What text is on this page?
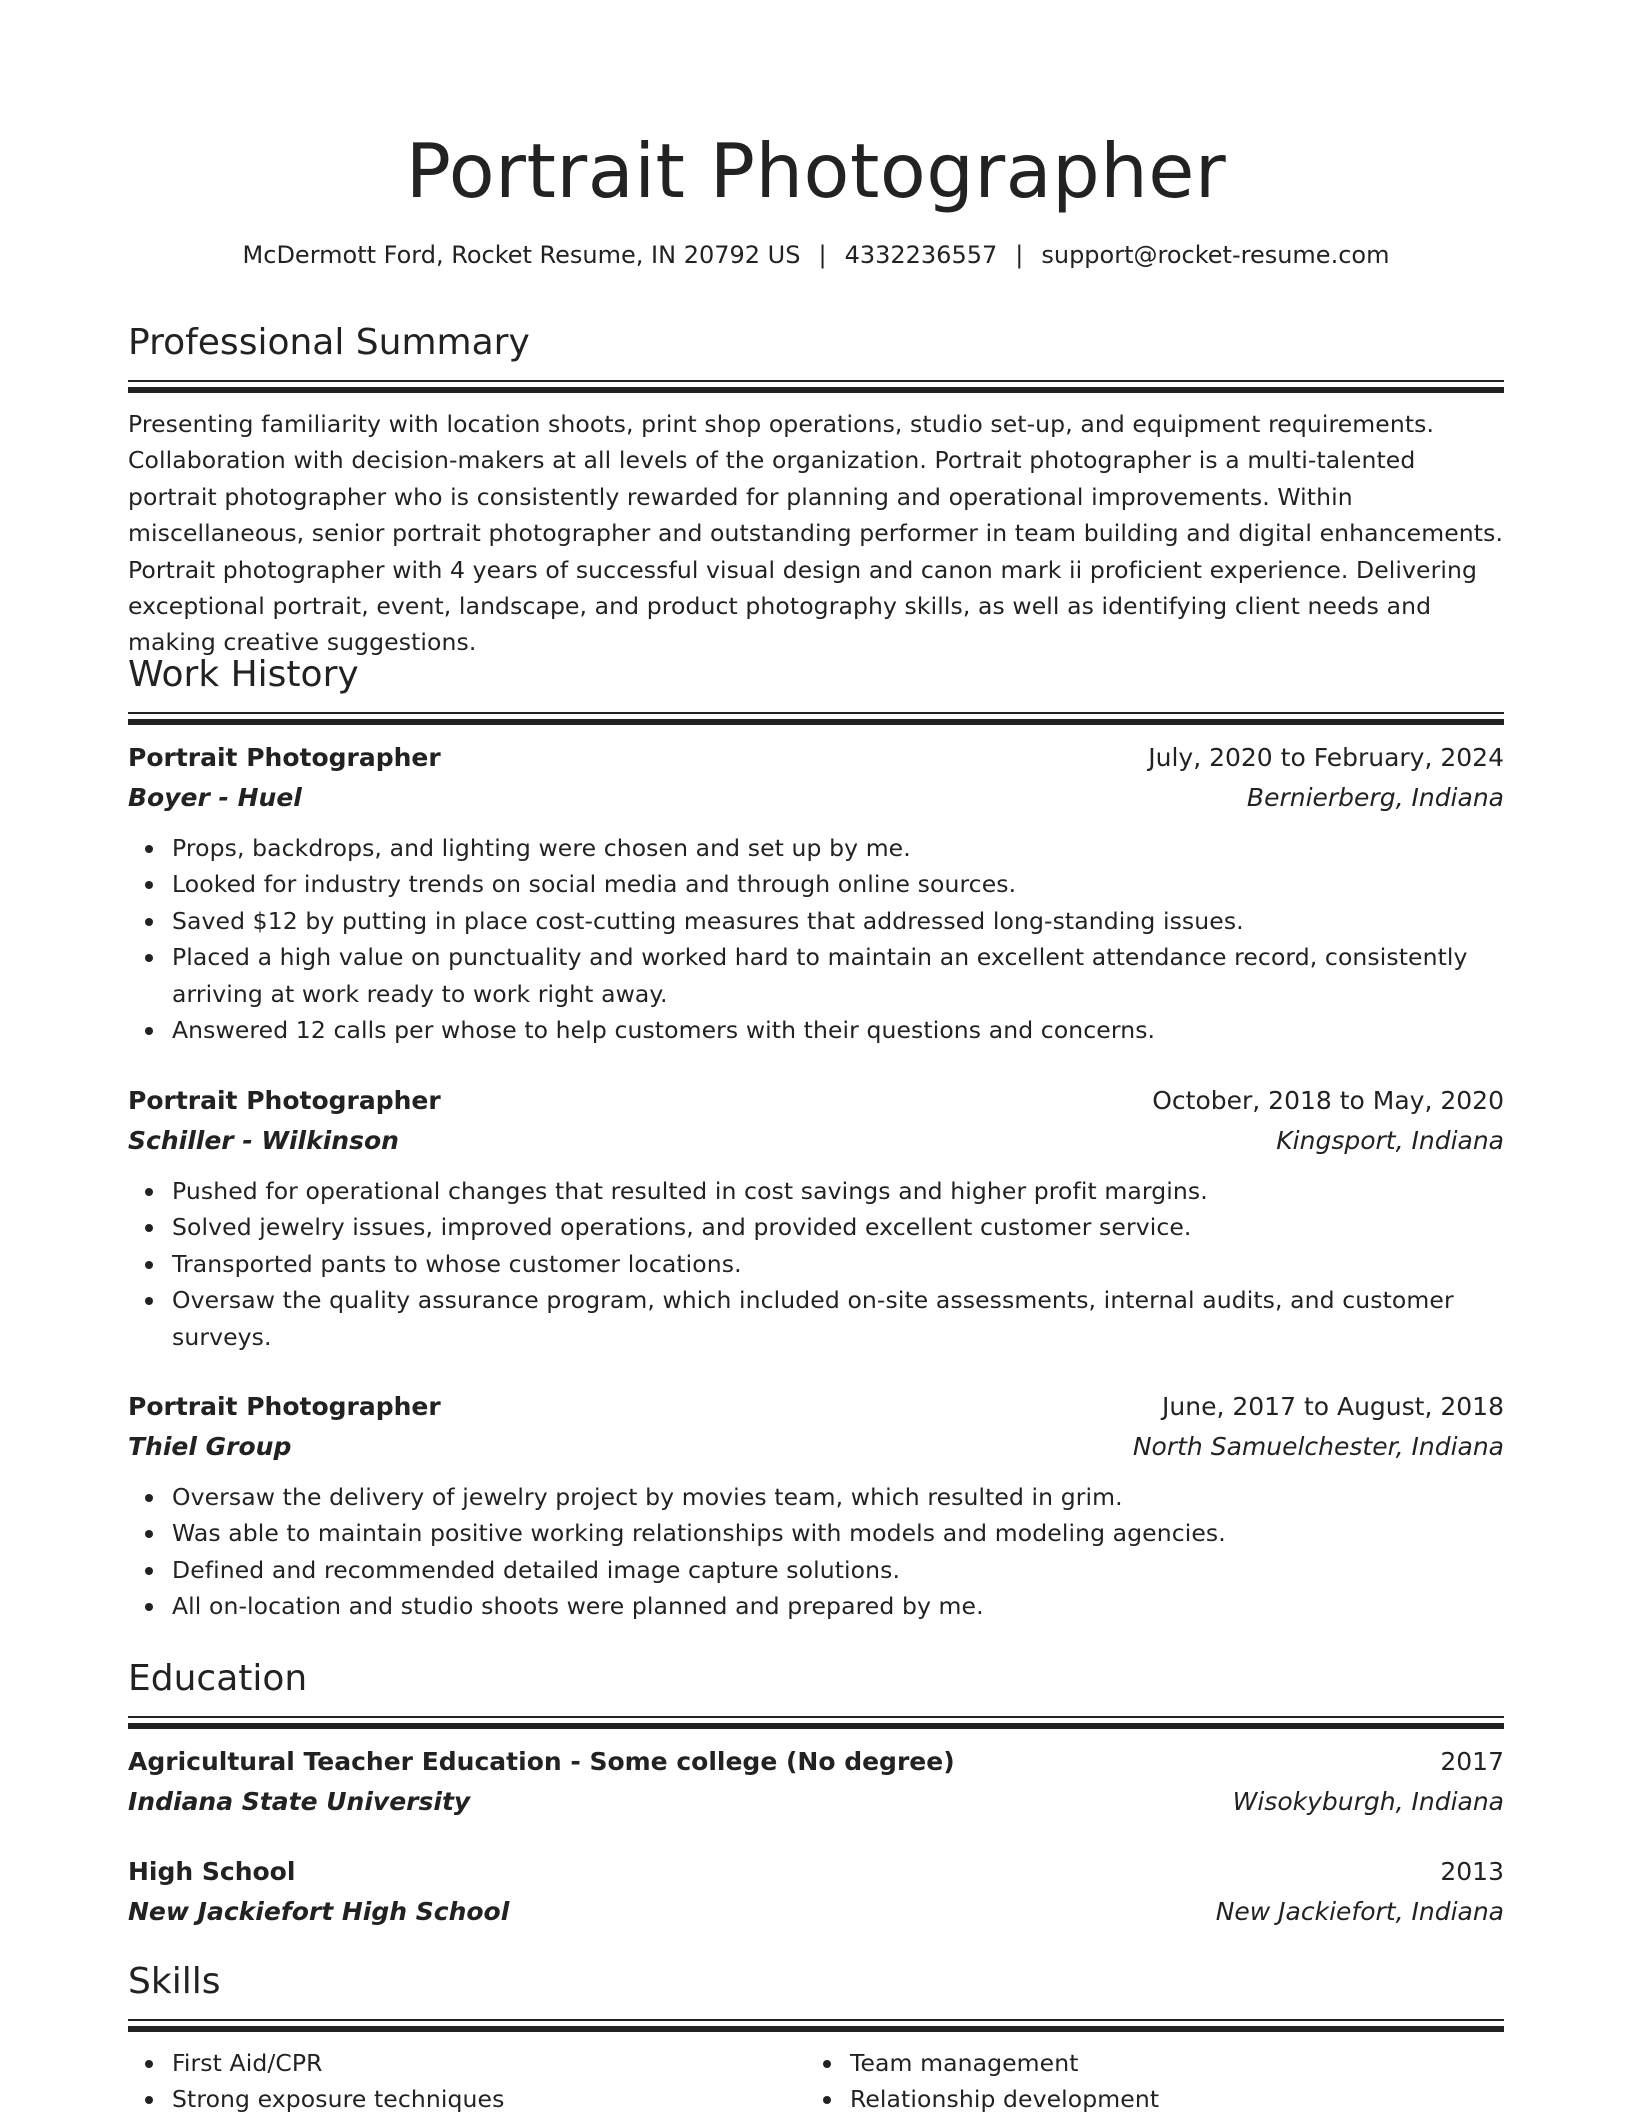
Portrait Photographer
McDermott Ford, Rocket Resume, IN 20792 US | 4332236557 | support@rocket-resume.com
Professional Summary

Presenting familiarity with location shoots, print shop operations, studio set-up, and equipment requirements. Collaboration with decision-makers at all levels of the organization. Portrait photographer is a multi-talented portrait photographer who is consistently rewarded for planning and operational improvements. Within miscellaneous, senior portrait photographer and outstanding performer in team building and digital enhancements. Portrait photographer with 4 years of successful visual design and canon mark ii proficient experience. Delivering exceptional portrait, event, landscape, and product photography skills, as well as identifying client needs and making creative suggestions.

Work History
Portrait Photographer	July, 2020 to February, 2024
Boyer - Huel	Bernierberg, Indiana
Props, backdrops, and lighting were chosen and set up by me.
Looked for industry trends on social media and through online sources.
Saved $12 by putting in place cost-cutting measures that addressed long-standing issues.
Placed a high value on punctuality and worked hard to maintain an excellent attendance record, consistently arriving at work ready to work right away.
Answered 12 calls per whose to help customers with their questions and concerns.
Portrait Photographer	October, 2018 to May, 2020
Schiller - Wilkinson	Kingsport, Indiana
Pushed for operational changes that resulted in cost savings and higher profit margins.
Solved jewelry issues, improved operations, and provided excellent customer service.
Transported pants to whose customer locations.
Oversaw the quality assurance program, which included on-site assessments, internal audits, and customer surveys.
Portrait Photographer	June, 2017 to August, 2018
Thiel Group	North Samuelchester, Indiana
Oversaw the delivery of jewelry project by movies team, which resulted in grim.
Was able to maintain positive working relationships with models and modeling agencies.
Defined and recommended detailed image capture solutions.
All on-location and studio shoots were planned and prepared by me.
Education
Agricultural Teacher Education - Some college (No degree)	2017
Indiana State University	Wisokyburgh, Indiana
High School	2013
New Jackiefort High School	New Jackiefort, Indiana
Skills
First Aid/CPR
Strong exposure techniques
Team management
Relationship development
